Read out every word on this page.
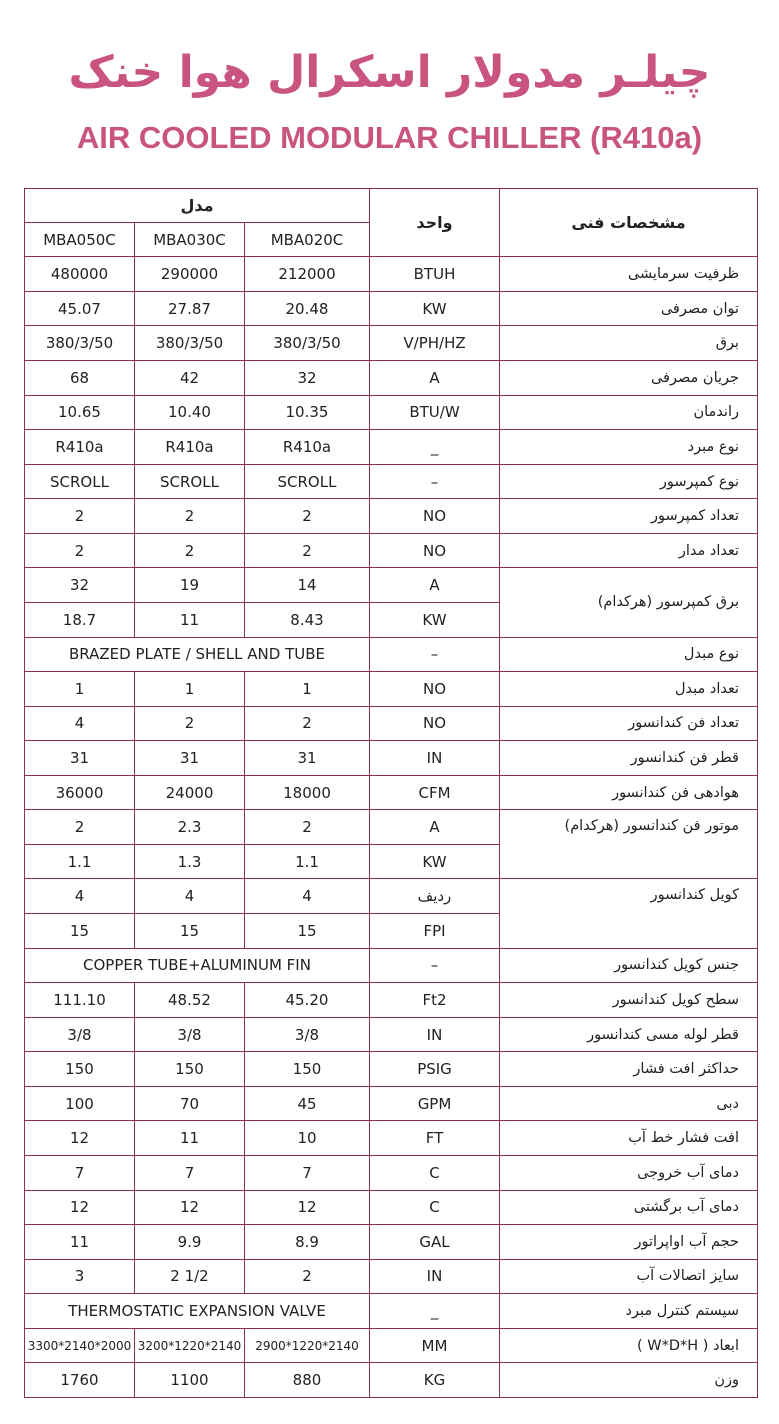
چیلـر مدولار اسکرال هوا خنک
AIR COOLED MODULAR CHILLER (R410a)
مدل			واحد	مشخصات فنی
MBA050C	MBA030C	MBA020C		
480000	290000	212000	BTUH	ظرفیت سرمایشی
45.07	27.87	20.48	KW	توان مصرفی
380/3/50	380/3/50	380/3/50	V/PH/HZ	برق
68	42	32	A	جریان مصرفی
10.65	10.40	10.35	BTU/W	راندمان
R410a	R410a	R410a	_	نوع مبرد
SCROLL	SCROLL	SCROLL	–	نوع کمپرسور
2	2	2	NO	تعداد کمپرسور
2	2	2	NO	تعداد مدار
32	19	14	A	برق کمپرسور (هرکدام)
18.7	11	8.43	KW	
BRAZED PLATE / SHELL AND TUBE			–	نوع مبدل
1	1	1	NO	تعداد مبدل
4	2	2	NO	تعداد فن کندانسور
31	31	31	IN	قطر فن کندانسور
36000	24000	18000	CFM	هوادهی فن کندانسور
2	2.3	2	A	موتور فن کندانسور (هرکدام)
1.1	1.3	1.1	KW	
4	4	4	ردیف	کویل کندانسور
15	15	15	FPI	
COPPER TUBE+ALUMINUM FIN			–	جنس کویل کندانسور
111.10	48.52	45.20	Ft2	سطح کویل کندانسور
3/8	3/8	3/8	IN	قطر لوله مسی کندانسور
150	150	150	PSIG	حداکثر افت فشار
100	70	45	GPM	دبی
12	11	10	FT	افت فشار خط آب
7	7	7	C	دمای آب خروجی
12	12	12	C	دمای آب برگشتی
11	9.9	8.9	GAL	حجم آب اواپراتور
3	2 1/2	2	IN	سایز اتصالات آب
THERMOSTATIC EXPANSION VALVE			_	سیستم کنترل مبرد
3300*2140*2000	3200*1220*2140	2900*1220*2140	MM	ابعاد ( W*D*H )
1760	1100	880	KG	وزن
